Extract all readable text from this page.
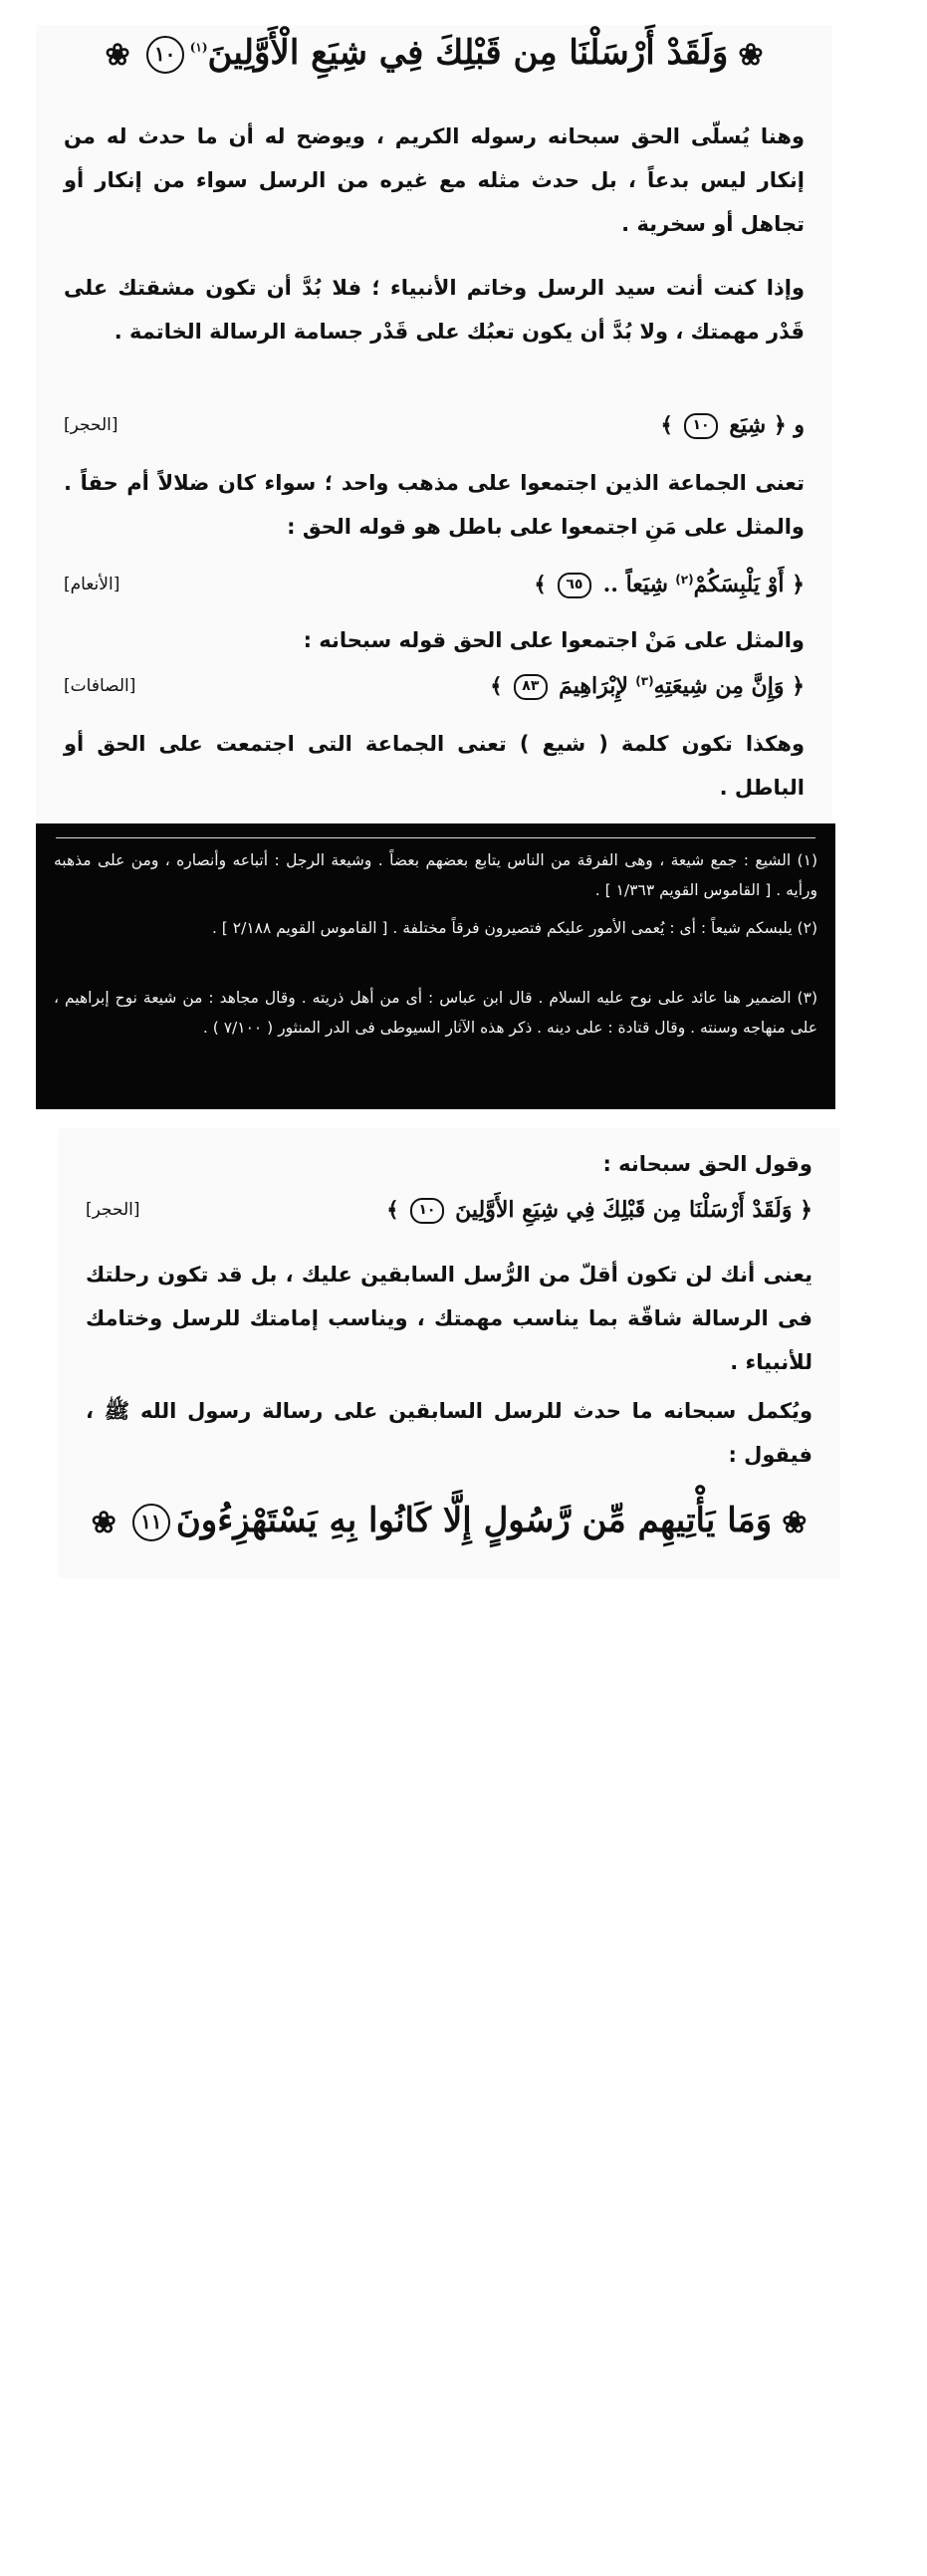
❀وَلَقَدْ أَرْسَلْنَا مِن قَبْلِكَ فِي شِيَعِ الْأَوَّلِينَ$^{(١)}$١٠❀
وهنا يُسلّى الحق سبحانه رسوله الكريم ، ويوضح له أن ما حدث له من إنكار ليس بدعاً ، بل حدث مثله مع غيره من الرسل سواء من إنكار أو تجاهل أو سخرية .
وإذا كنت أنت سيد الرسل وخاتم الأنبياء ؛ فلا بُدَّ أن تكون مشقتك على قَدْر مهمتك ، ولا بُدَّ أن يكون تعبُك على قَدْر جسامة الرسالة الخاتمة .
و ﴿ شِيَع ١٠ ﴾
[الحجر]
تعنى الجماعة الذين اجتمعوا على مذهب واحد ؛ سواء كان ضلالاً أم حقاً . والمثل على مَنِ اجتمعوا على باطل هو قوله الحق :
﴿ أَوْ يَلْبِسَكُمْ$^{(٢)}$ شِيَعاً .. ٦٥ ﴾
[الأنعام]
والمثل على مَنْ اجتمعوا على الحق قوله سبحانه :
﴿ وَإِنَّ مِن شِيعَتِهِ$^{(٣)}$ لإِبْرَاهِيمَ ٨٣ ﴾
[الصافات]
وهكذا تكون كلمة ( شيع ) تعنى الجماعة التى اجتمعت على الحق أو الباطل .
(١) الشيع : جمع شيعة ، وهى الفرقة من الناس يتابع بعضهم بعضاً . وشيعة الرجل : أتباعه وأنصاره ، ومن على مذهبه ورأيه . [ القاموس القويم ١/٣٦٣ ] .
(٢) يلبسكم شيعاً : أى : يُعمى الأمور عليكم فتصيرون فرقاً مختلفة . [ القاموس القويم ٢/١٨٨ ] .
(٣) الضمير هنا عائد على نوح عليه السلام . قال ابن عباس : أى من أهل ذريته . وقال مجاهد : من شيعة نوح إبراهيم ، على منهاجه وسنته . وقال قتادة : على دينه . ذكر هذه الآثار السيوطى فى الدر المنثور ( ٧/١٠٠ ) .
وقول الحق سبحانه :
﴿ وَلَقَدْ أَرْسَلْنَا مِن قَبْلِكَ فِي شِيَعِ الأَوَّلِينَ ١٠ ﴾
[الحجر]
يعنى أنك لن تكون أقلّ من الرُّسل السابقين عليك ، بل قد تكون رحلتك فى الرسالة شاقّة بما يناسب مهمتك ، ويناسب إمامتك للرسل وختامك للأنبياء .
ويُكمل سبحانه ما حدث للرسل السابقين على رسالة رسول الله ﷺ ، فيقول :
❀وَمَا يَأْتِيهِم مِّن رَّسُولٍ إِلَّا كَانُوا بِهِ يَسْتَهْزِءُونَ١١❀
